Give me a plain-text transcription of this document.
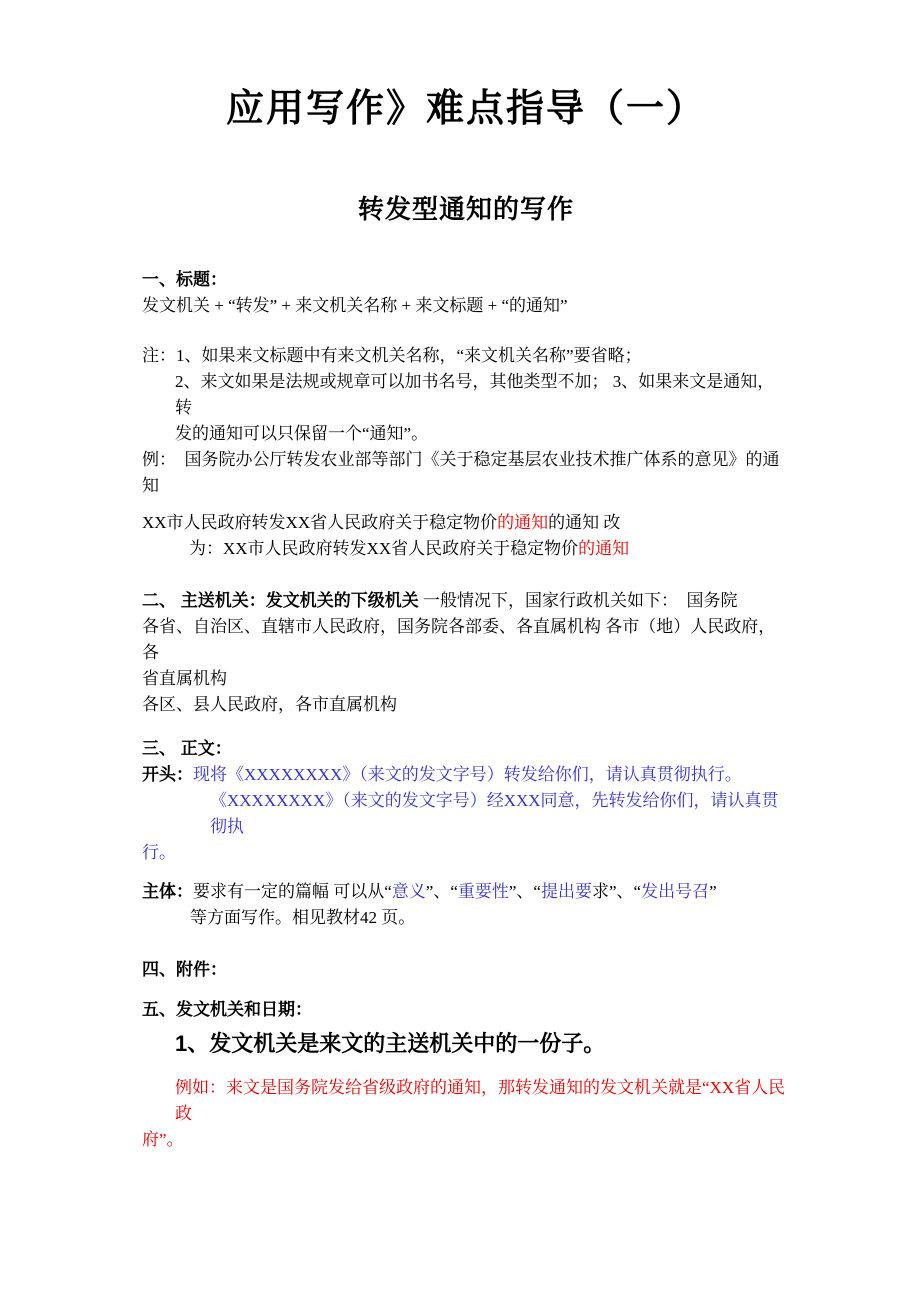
应用写作》难点指导（一）
转发型通知的写作
一、标题：
发文机关 + “转发” + 来文机关名称 + 来文标题 + “的通知”
注：1、如果来文标题中有来文机关名称，“来文机关名称”要省略；
2、来文如果是法规或规章可以加书名号，其他类型不加； 3、如果来文是通知，转
发的通知可以只保留一个“通知”。
例：　国务院办公厅转发农业部等部门《关于稳定基层农业技术推广体系的意见》的通知
XX市人民政府转发XX省人民政府关于稳定物价的通知的通知 改
为：XX市人民政府转发XX省人民政府关于稳定物价的通知
二、 主送机关：发文机关的下级机关 一般情况下，国家行政机关如下：　国务院
各省、自治区、直辖市人民政府，国务院各部委、各直属机构 各市（地）人民政府，各
省直属机构
各区、县人民政府，各市直属机构
三、 正文：
开头：现将《XXXXXXXX》（来文的发文字号）转发给你们，请认真贯彻执行。
《XXXXXXXX》（来文的发文字号）经XXX同意，先转发给你们，请认真贯 彻执
行。
主体：要求有一定的篇幅 可以从“意义”、“重要性”、“提出要求”、“发出号召”
等方面写作。相见教材42 页。
四、附件：
五、发文机关和日期：
1、发文机关是来文的主送机关中的一份子。
例如：来文是国务院发给省级政府的通知，那转发通知的发文机关就是“XX省人民政
府”。
